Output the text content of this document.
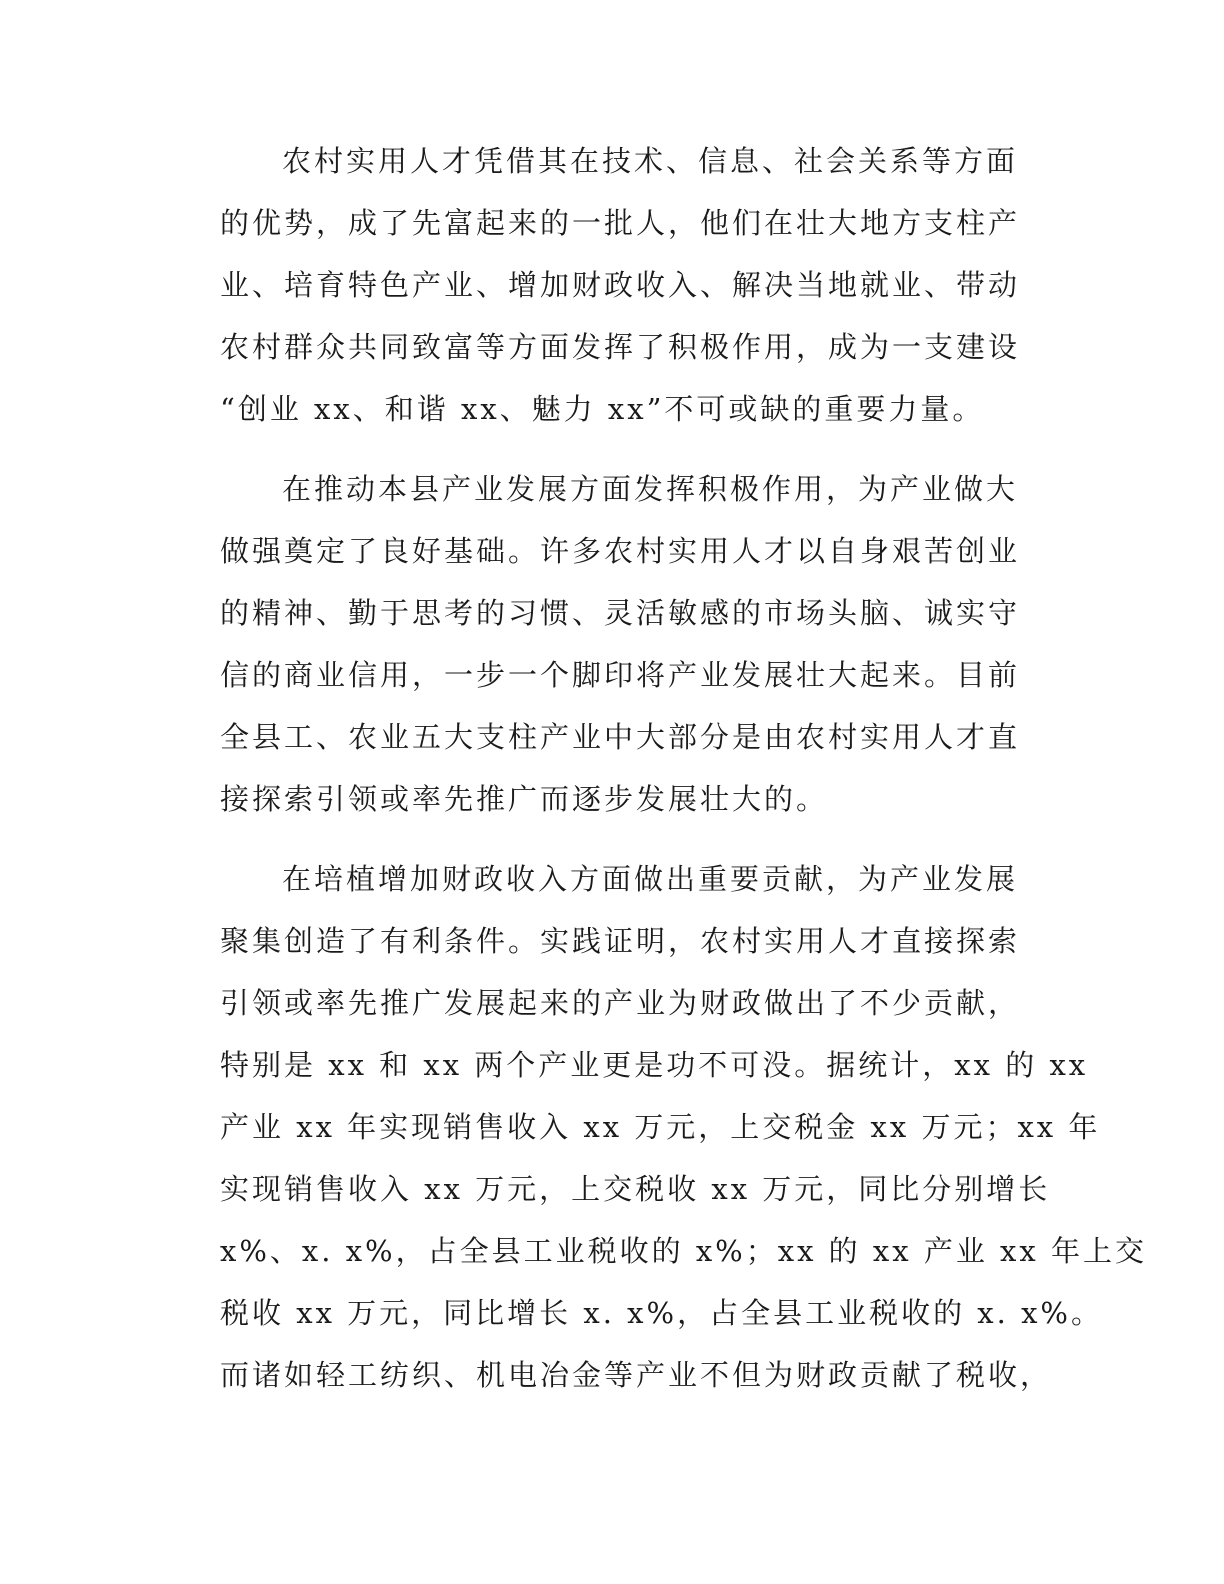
农村实用人才凭借其在技术、信息、社会关系等方面
的优势，成了先富起来的一批人，他们在壮大地方支柱产
业、培育特色产业、增加财政收入、解决当地就业、带动
农村群众共同致富等方面发挥了积极作用，成为一支建设
“创业 xx、和谐 xx、魅力 xx”不可或缺的重要力量。
在推动本县产业发展方面发挥积极作用，为产业做大
做强奠定了良好基础。许多农村实用人才以自身艰苦创业
的精神、勤于思考的习惯、灵活敏感的市场头脑、诚实守
信的商业信用，一步一个脚印将产业发展壮大起来。目前
全县工、农业五大支柱产业中大部分是由农村实用人才直
接探索引领或率先推广而逐步发展壮大的。
在培植增加财政收入方面做出重要贡献，为产业发展
聚集创造了有利条件。实践证明，农村实用人才直接探索
引领或率先推广发展起来的产业为财政做出了不少贡献，
特别是 xx 和 xx 两个产业更是功不可没。据统计，xx 的 xx
产业 xx 年实现销售收入 xx 万元，上交税金 xx 万元；xx 年
实现销售收入 xx 万元，上交税收 xx 万元，同比分别增长
x%、x. x%，占全县工业税收的 x%；xx 的 xx 产业 xx 年上交
税收 xx 万元，同比增长 x. x%，占全县工业税收的 x. x%。
而诸如轻工纺织、机电冶金等产业不但为财政贡献了税收，
